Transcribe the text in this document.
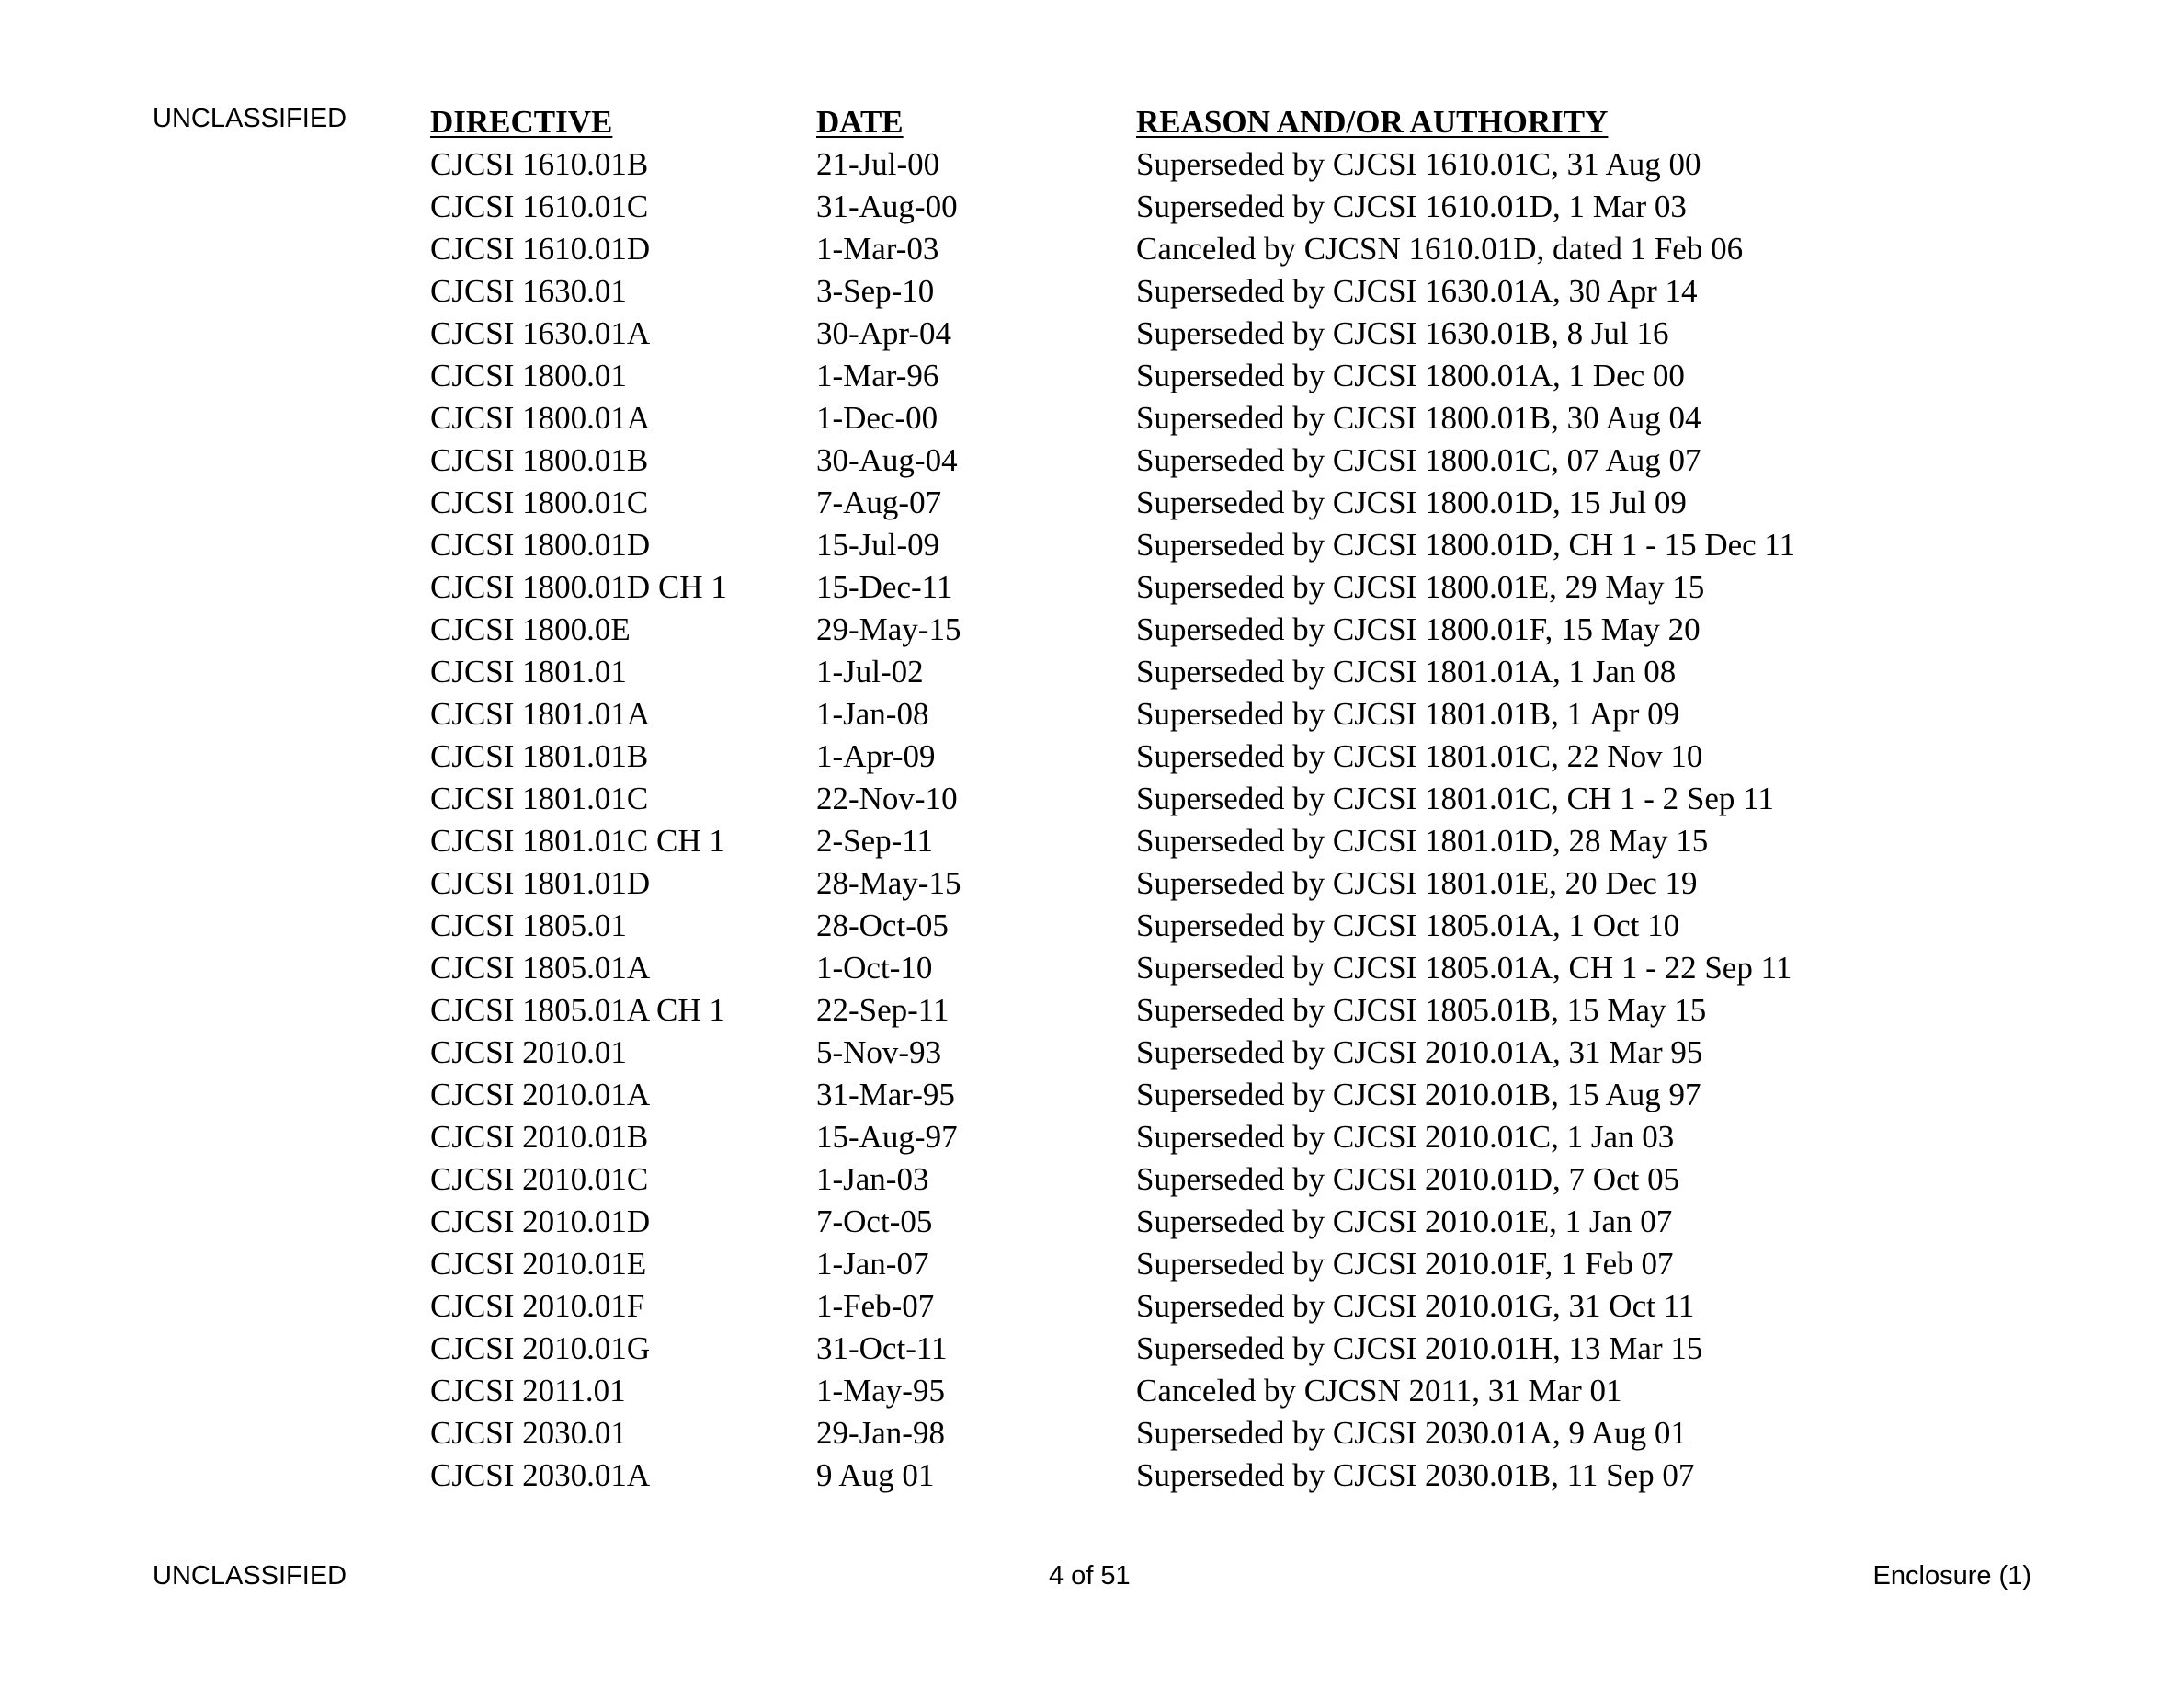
UNCLASSIFIED	DIRECTIVE	DATE	REASON AND/OR AUTHORITY
CJCSI 1610.01B	21-Jul-00	Superseded by CJCSI 1610.01C, 31 Aug 00
CJCSI 1610.01C	31-Aug-00	Superseded by CJCSI 1610.01D, 1 Mar 03
CJCSI 1610.01D	1-Mar-03	Canceled by CJCSN 1610.01D, dated 1 Feb 06
CJCSI 1630.01	3-Sep-10	Superseded by CJCSI 1630.01A, 30 Apr 14
CJCSI 1630.01A	30-Apr-04	Superseded by CJCSI 1630.01B, 8 Jul 16
CJCSI 1800.01	1-Mar-96	Superseded by CJCSI 1800.01A, 1 Dec 00
CJCSI 1800.01A	1-Dec-00	Superseded by CJCSI 1800.01B, 30 Aug 04
CJCSI 1800.01B	30-Aug-04	Superseded by CJCSI 1800.01C, 07 Aug 07
CJCSI 1800.01C	7-Aug-07	Superseded by CJCSI 1800.01D, 15 Jul 09
CJCSI 1800.01D	15-Jul-09	Superseded by CJCSI 1800.01D, CH 1 - 15 Dec 11
CJCSI 1800.01D CH 1	15-Dec-11	Superseded by CJCSI 1800.01E, 29 May 15
CJCSI 1800.0E	29-May-15	Superseded by CJCSI 1800.01F, 15 May 20
CJCSI 1801.01	1-Jul-02	Superseded by CJCSI 1801.01A, 1 Jan 08
CJCSI 1801.01A	1-Jan-08	Superseded by CJCSI 1801.01B, 1 Apr 09
CJCSI 1801.01B	1-Apr-09	Superseded by CJCSI 1801.01C, 22 Nov 10
CJCSI 1801.01C	22-Nov-10	Superseded by CJCSI 1801.01C, CH 1 - 2 Sep 11
CJCSI 1801.01C CH 1	2-Sep-11	Superseded by CJCSI 1801.01D, 28 May 15
CJCSI 1801.01D	28-May-15	Superseded by CJCSI 1801.01E, 20 Dec 19
CJCSI 1805.01	28-Oct-05	Superseded by CJCSI 1805.01A, 1 Oct 10
CJCSI 1805.01A	1-Oct-10	Superseded by CJCSI 1805.01A, CH 1 - 22 Sep 11
CJCSI 1805.01A CH 1	22-Sep-11	Superseded by CJCSI 1805.01B, 15 May 15
CJCSI 2010.01	5-Nov-93	Superseded by CJCSI 2010.01A, 31 Mar 95
CJCSI 2010.01A	31-Mar-95	Superseded by CJCSI 2010.01B, 15 Aug 97
CJCSI 2010.01B	15-Aug-97	Superseded by CJCSI 2010.01C, 1 Jan 03
CJCSI 2010.01C	1-Jan-03	Superseded by CJCSI 2010.01D, 7 Oct 05
CJCSI 2010.01D	7-Oct-05	Superseded by CJCSI 2010.01E, 1 Jan 07
CJCSI 2010.01E	1-Jan-07	Superseded by CJCSI 2010.01F, 1 Feb 07
CJCSI 2010.01F	1-Feb-07	Superseded by CJCSI 2010.01G, 31 Oct 11
CJCSI 2010.01G	31-Oct-11	Superseded by CJCSI 2010.01H, 13 Mar 15
CJCSI 2011.01	1-May-95	Canceled by CJCSN 2011, 31 Mar 01
CJCSI 2030.01	29-Jan-98	Superseded by CJCSI 2030.01A, 9 Aug 01
CJCSI 2030.01A	9 Aug 01	Superseded by CJCSI 2030.01B, 11 Sep 07
UNCLASSIFIED	4 of 51	Enclosure (1)
